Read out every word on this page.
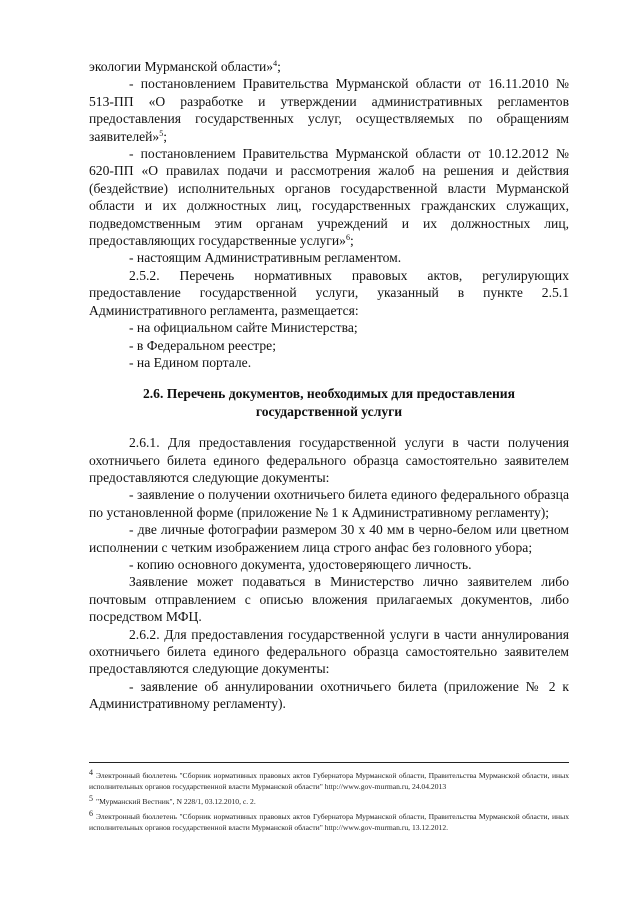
экологии Мурманской области»$^4$;

- постановлением Правительства Мурманской области от 16.11.2010 № 513-ПП «О разработке и утверждении административных регламентов предоставления государственных услуг, осуществляемых по обращениям заявителей»$^5$;

- постановлением Правительства Мурманской области от 10.12.2012 № 620-ПП «О правилах подачи и рассмотрения жалоб на решения и действия (бездействие) исполнительных органов государственной власти Мурманской области и их должностных лиц, государственных гражданских служащих, подведомственным этим органам учреждений и их должностных лиц, предоставляющих государственные услуги»$^6$;

- настоящим Административным регламентом.

2.5.2. Перечень нормативных правовых актов, регулирующих предоставление государственной услуги, указанный в пункте 2.5.1 Административного регламента, размещается:

- на официальном сайте Министерства;

- в Федеральном реестре;

- на Едином портале.

2.6. Перечень документов, необходимых для предоставления
государственной услуги

2.6.1. Для предоставления государственной услуги в части получения охотничьего билета единого федерального образца самостоятельно заявителем предоставляются следующие документы:

- заявление о получении охотничьего билета единого федерального образца по установленной форме (приложение № 1 к Административному регламенту);

- две личные фотографии размером 30 х 40 мм в черно-белом или цветном исполнении с четким изображением лица строго анфас без головного убора;

- копию основного документа, удостоверяющего личность.

Заявление может подаваться в Министерство лично заявителем либо почтовым отправлением с описью вложения прилагаемых документов, либо посредством МФЦ.

2.6.2. Для предоставления государственной услуги в части аннулирования охотничьего билета единого федерального образца самостоятельно заявителем предоставляются следующие документы:

- заявление об аннулировании охотничьего билета (приложение № 2 к Административному регламенту).

4 Электронный бюллетень "Сборник нормативных правовых актов Губернатора Мурманской области, Правительства Мурманской области, иных исполнительных органов государственной власти Мурманской области" http://www.gov-murman.ru, 24.04.2013

5 "Мурманский Вестник", N 228/1, 03.12.2010, с. 2.

6 Электронный бюллетень "Сборник нормативных правовых актов Губернатора Мурманской области, Правительства Мурманской области, иных исполнительных органов государственной власти Мурманской области" http://www.gov-murman.ru, 13.12.2012.
